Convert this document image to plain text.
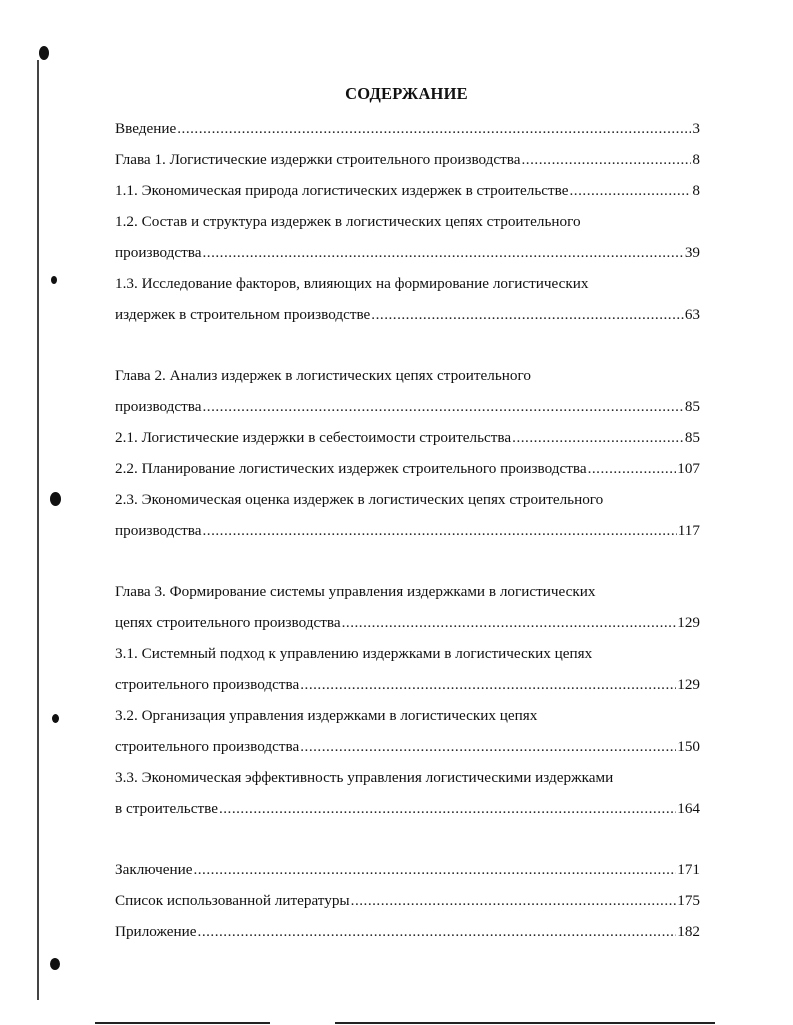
СОДЕРЖАНИЕ
Введение .....	3
Глава 1. Логистические издержки строительного производства .....	8
1.1. Экономическая природа логистических издержек в строительстве .....	8
1.2. Состав и структура издержек в логистических цепях строительного
производства .....	39
1.3. Исследование факторов, влияющих на формирование логистических
издержек в строительном производстве .....	63
Глава 2. Анализ издержек в логистических цепях строительного
производства .....	85
2.1. Логистические издержки в себестоимости строительства .....	85
2.2. Планирование логистических издержек строительного производства .....	107
2.3. Экономическая оценка издержек в логистических цепях строительного
производства .....	117
Глава 3. Формирование системы управления издержками в логистических
цепях строительного производства .....	129
3.1. Системный подход к управлению издержками в логистических цепях
строительного производства .....	129
3.2. Организация управления издержками в логистических цепях
строительного производства .....	150
3.3. Экономическая эффективность управления логистическими издержками
в строительстве .....	164
Заключение .....	171
Список использованной литературы .....	175
Приложение .....	182
